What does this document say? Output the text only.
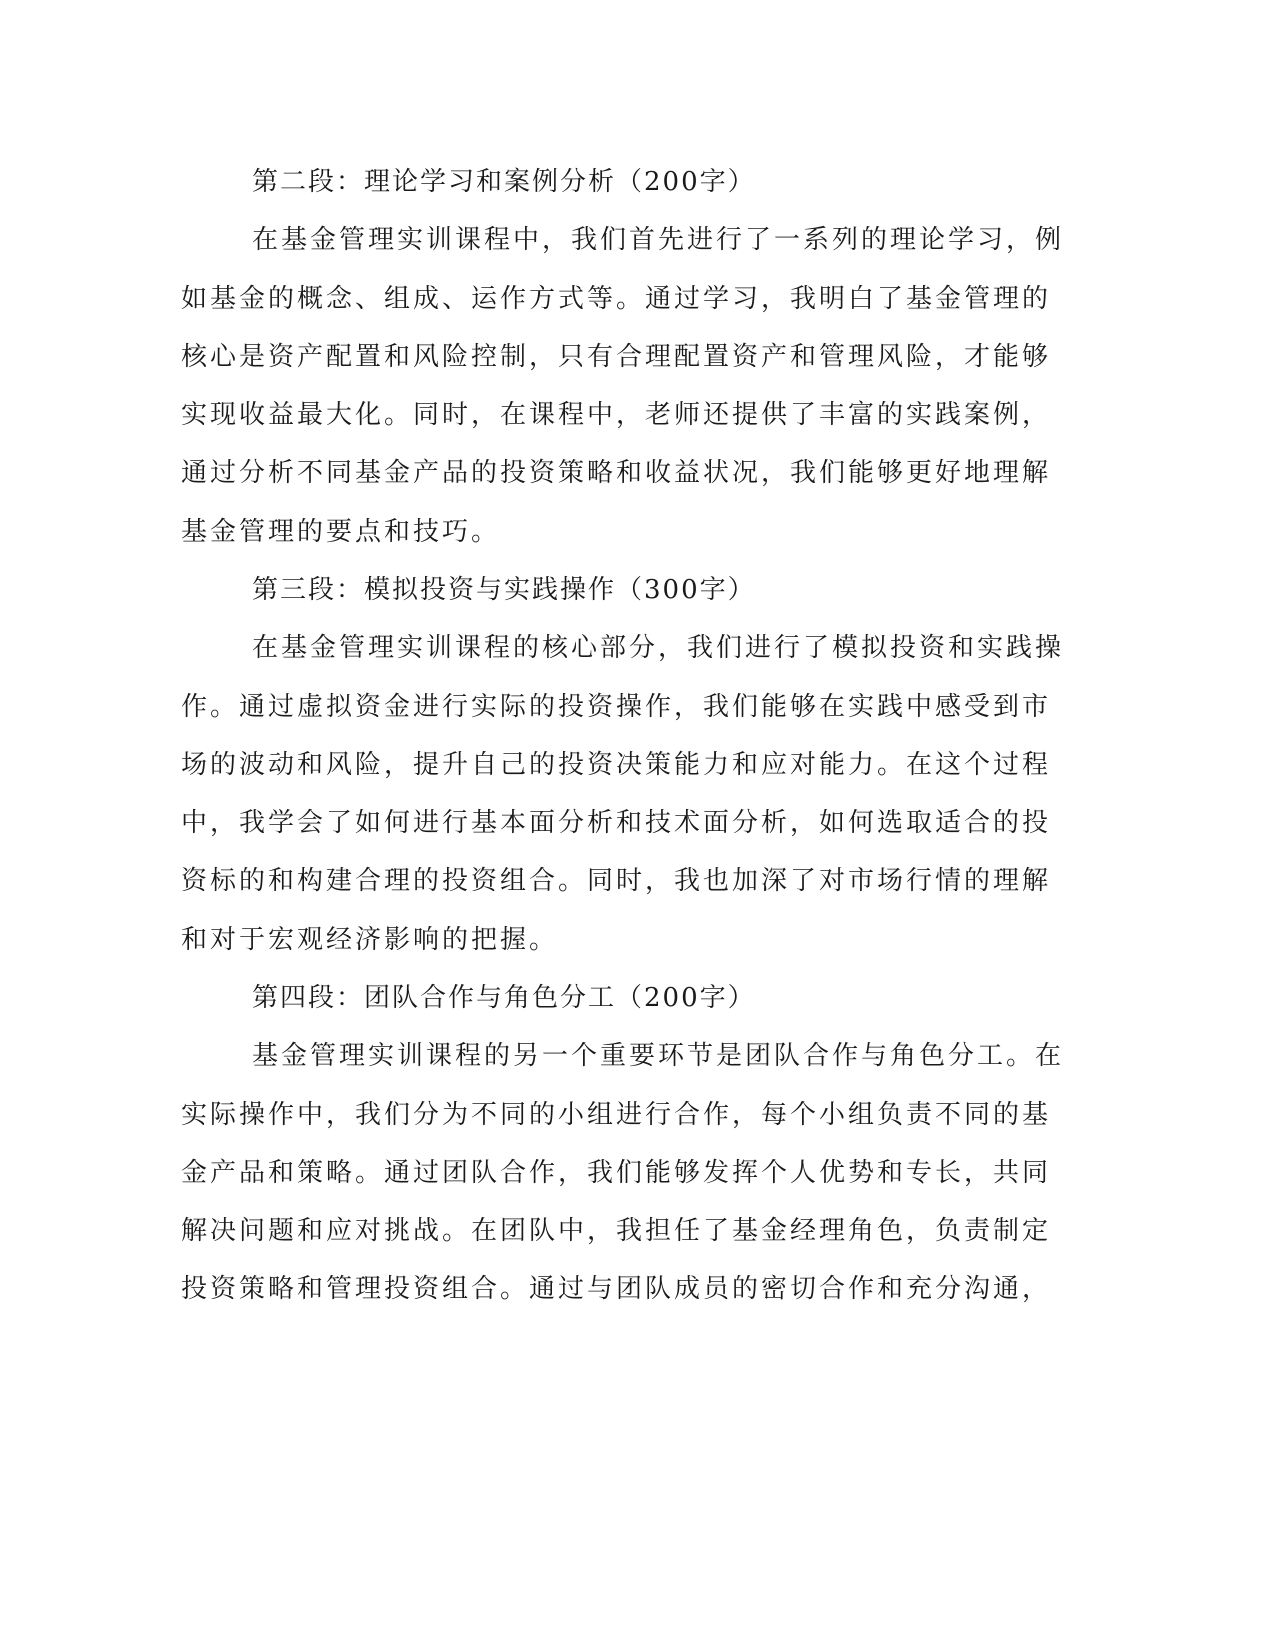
第二段：理论学习和案例分析（200字）

在基金管理实训课程中，我们首先进行了一系列的理论学习，例

如基金的概念、组成、运作方式等。通过学习，我明白了基金管理的

核心是资产配置和风险控制，只有合理配置资产和管理风险，才能够

实现收益最大化。同时，在课程中，老师还提供了丰富的实践案例，

通过分析不同基金产品的投资策略和收益状况，我们能够更好地理解

基金管理的要点和技巧。

第三段：模拟投资与实践操作（300字）

在基金管理实训课程的核心部分，我们进行了模拟投资和实践操

作。通过虚拟资金进行实际的投资操作，我们能够在实践中感受到市

场的波动和风险，提升自己的投资决策能力和应对能力。在这个过程

中，我学会了如何进行基本面分析和技术面分析，如何选取适合的投

资标的和构建合理的投资组合。同时，我也加深了对市场行情的理解

和对于宏观经济影响的把握。

第四段：团队合作与角色分工（200字）

基金管理实训课程的另一个重要环节是团队合作与角色分工。在

实际操作中，我们分为不同的小组进行合作，每个小组负责不同的基

金产品和策略。通过团队合作，我们能够发挥个人优势和专长，共同

解决问题和应对挑战。在团队中，我担任了基金经理角色，负责制定

投资策略和管理投资组合。通过与团队成员的密切合作和充分沟通，
